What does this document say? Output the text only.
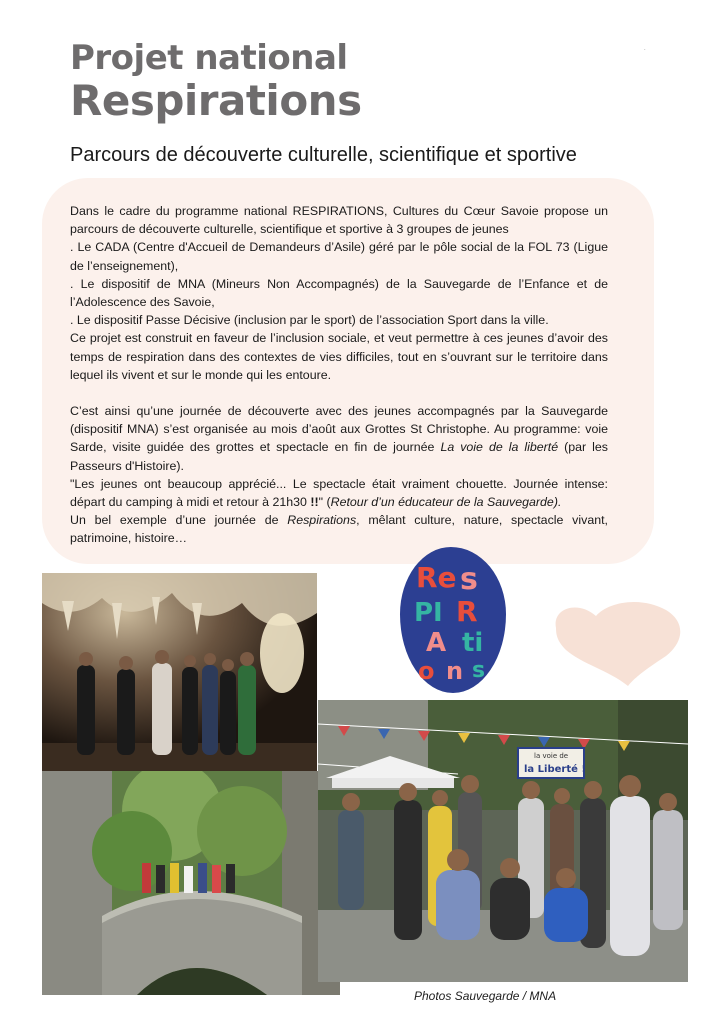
Projet national
Respirations
Parcours de découverte culturelle, scientifique et sportive
.

Dans le cadre du programme national RESPIRATIONS, Cultures du Cœur Savoie propose un parcours de découverte culturelle, scientifique et sportive à 3 groupes de jeunes

. Le CADA (Centre d'Accueil de Demandeurs d’Asile) géré par le pôle social de la FOL 73 (Ligue de l’enseignement),

. Le dispositif de MNA (Mineurs Non Accompagnés) de la Sauvegarde de l’Enfance et de l’Adolescence des Savoie,

. Le dispositif Passe Décisive (inclusion par le sport) de l’association Sport dans la ville.

Ce projet est construit en faveur de l’inclusion sociale, et veut permettre à ces jeunes d’avoir des temps de respiration dans des contextes de vies difficiles, tout en s’ouvrant sur le territoire dans lequel ils vivent et sur le monde qui les entoure.

C’est ainsi qu’une journée de découverte avec des jeunes accompagnés par la Sauvegarde (dispositif MNA) s’est organisée au mois d’août aux Grottes St Christophe. Au programme: voie Sarde, visite guidée des grottes et spectacle en fin de journée La voie de la liberté (par les Passeurs d'Histoire).

"Les jeunes ont beaucoup apprécié... Le spectacle était vraiment chouette. Journée intense: départ du camping à midi et retour à 21h30 !!" (Retour d’un éducateur de la Sauvegarde).

Un bel exemple d’une journée de Respirations, mêlant culture, nature, spectacle vivant, patrimoine, histoire…

Re s
PI R
A ti
o n s
la voie de
la Liberté !
Photos Sauvegarde / MNA
